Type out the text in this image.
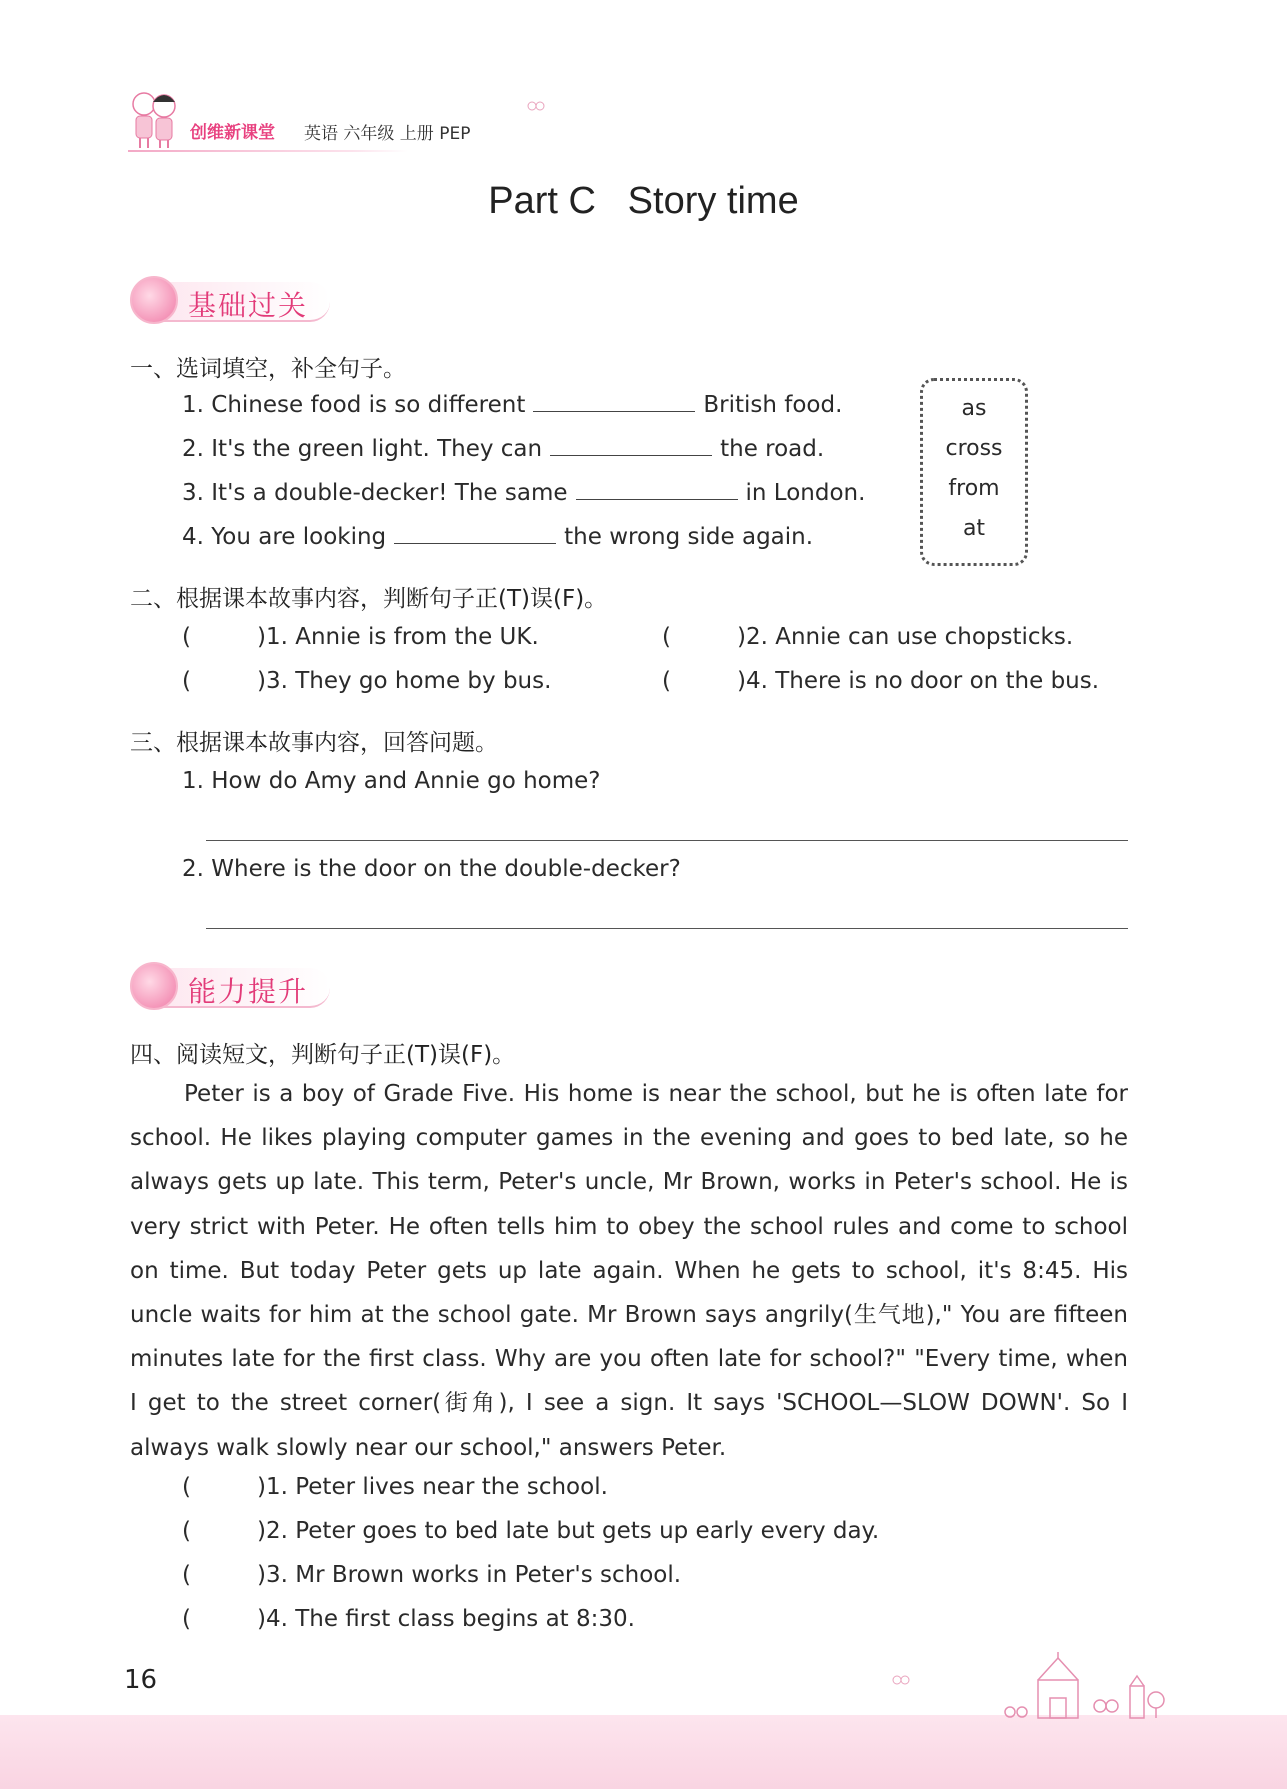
创维新课堂 英语 六年级 上册 PEP
Part C   Story time
基础过关
一、选词填空，补全句子。
1. Chinese food is so different	British food.
2. It's the green light. They can	the road.
3. It's a double-decker! The same	in London.
4. You are looking	the wrong side again.
as
cross
from
at
二、根据课本故事内容，判断句子正(T)误(F)。
(	)1. Annie is from the UK.	(	)2. Annie can use chopsticks.
(	)3. They go home by bus.	(	)4. There is no door on the bus.
三、根据课本故事内容，回答问题。
1. How do Amy and Annie go home?
2. Where is the door on the double-decker?
能力提升
四、阅读短文，判断句子正(T)误(F)。

Peter is a boy of Grade Five. His home is near the school, but he is often late for school. He likes playing computer games in the evening and goes to bed late, so he always gets up late. This term, Peter's uncle, Mr Brown, works in Peter's school. He is very strict with Peter. He often tells him to obey the school rules and come to school on time. But today Peter gets up late again. When he gets to school, it's 8:45. His uncle waits for him at the school gate. Mr Brown says angrily(生气地)," You are fifteen minutes late for the first class. Why are you often late for school?" "Every time, when I get to the street corner(街角), I see a sign. It says 'SCHOOL—SLOW DOWN'. So I always walk slowly near our school," answers Peter.

(	)1. Peter lives near the school.
(	)2. Peter goes to bed late but gets up early every day.
(	)3. Mr Brown works in Peter's school.
(	)4. The first class begins at 8:30.
16
